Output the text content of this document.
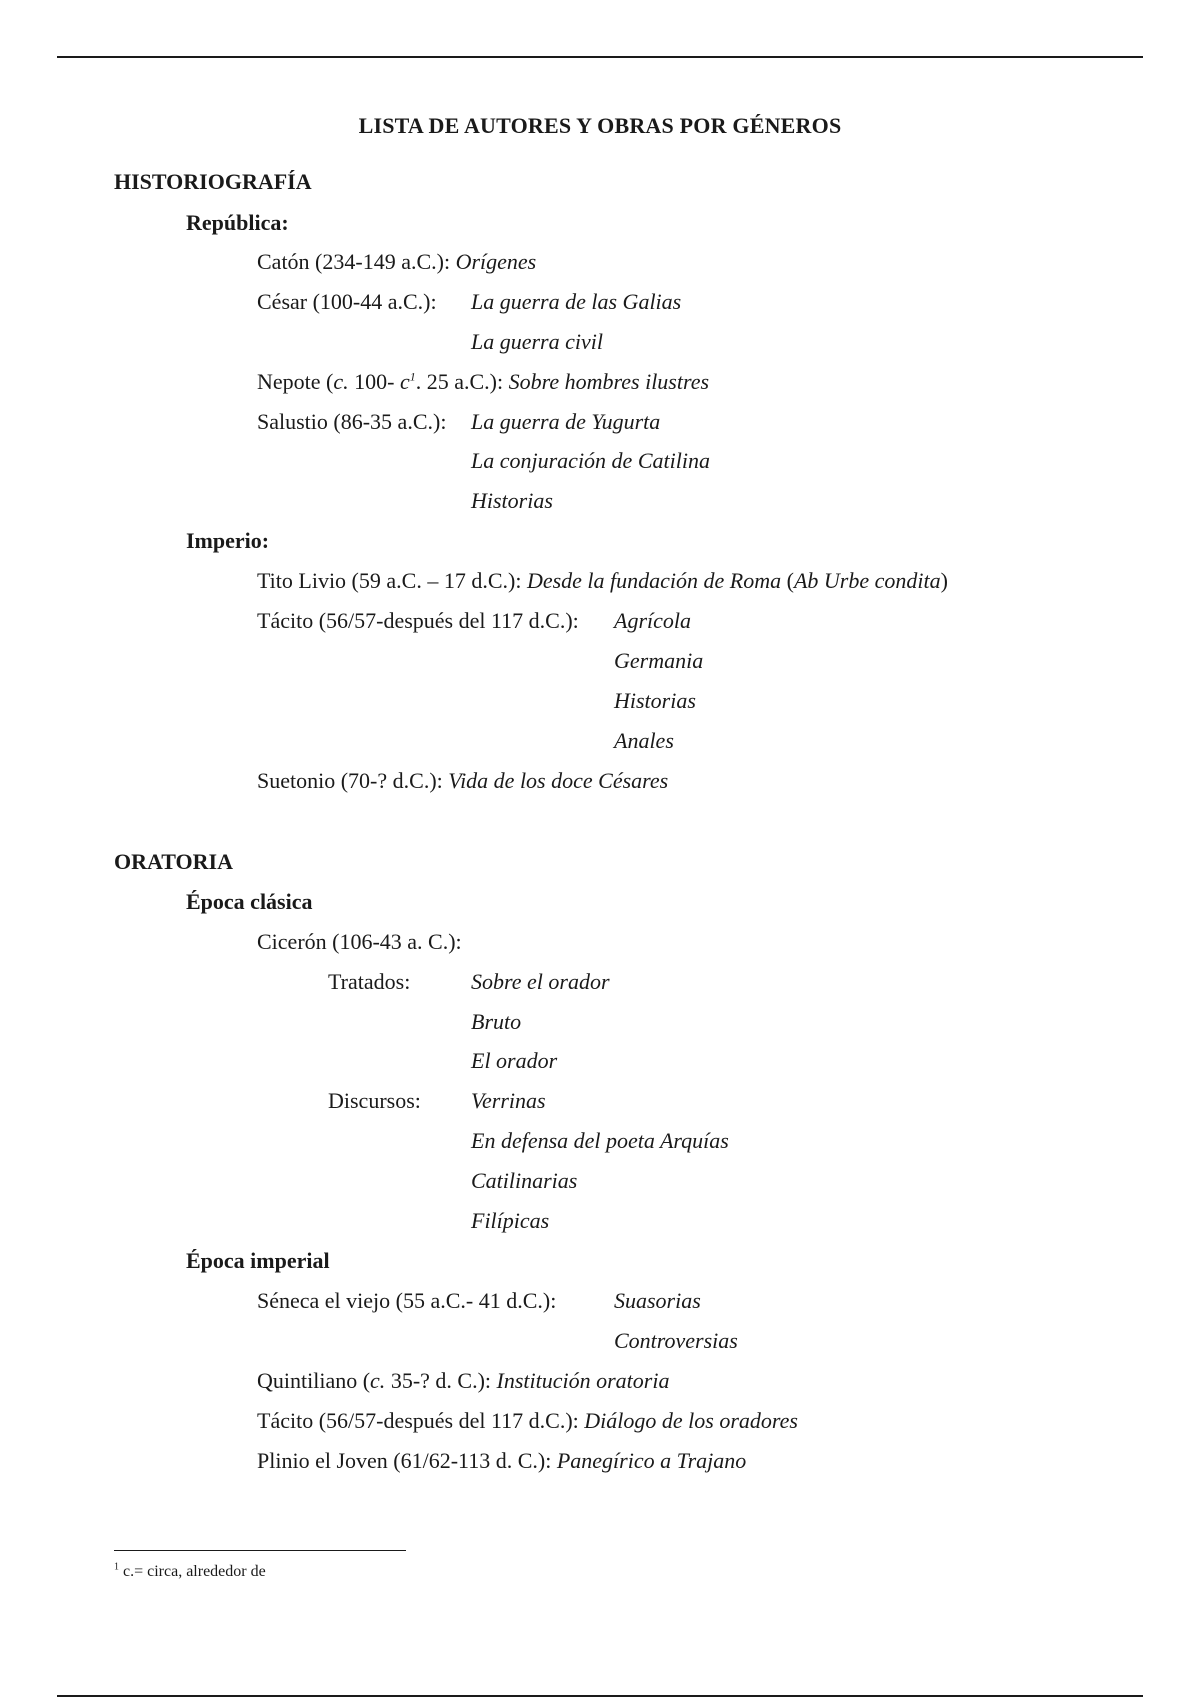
LISTA DE AUTORES Y OBRAS POR GÉNEROS
HISTORIOGRAFÍA
República:
Catón (234-149 a.C.): Orígenes
César (100-44 a.C.): La guerra de las Galias
La guerra civil
Nepote (c. 100- $c^1$. 25 a.C.): Sobre hombres ilustres
Salustio (86-35 a.C.): La guerra de Yugurta
La conjuración de Catilina
Historias
Imperio:
Tito Livio (59 a.C. – 17 d.C.): Desde la fundación de Roma (Ab Urbe condita)
Tácito (56/57-después del 117 d.C.): Agrícola
Germania
Historias
Anales
Suetonio (70-? d.C.): Vida de los doce Césares
ORATORIA
Época clásica
Cicerón (106-43 a. C.):
Tratados:	Sobre el orador
Bruto
El orador
Discursos: Verrinas
En defensa del poeta Arquías
Catilinarias
Filípicas
Época imperial
Séneca el viejo (55 a.C.- 41 d.C.):	Suasorias
Controversias
Quintiliano (c. 35-? d. C.): Institución oratoria
Tácito (56/57-después del 117 d.C.): Diálogo de los oradores
Plinio el Joven (61/62-113 d. C.): Panegírico a Trajano
$^1$ c.= circa, alrededor de
